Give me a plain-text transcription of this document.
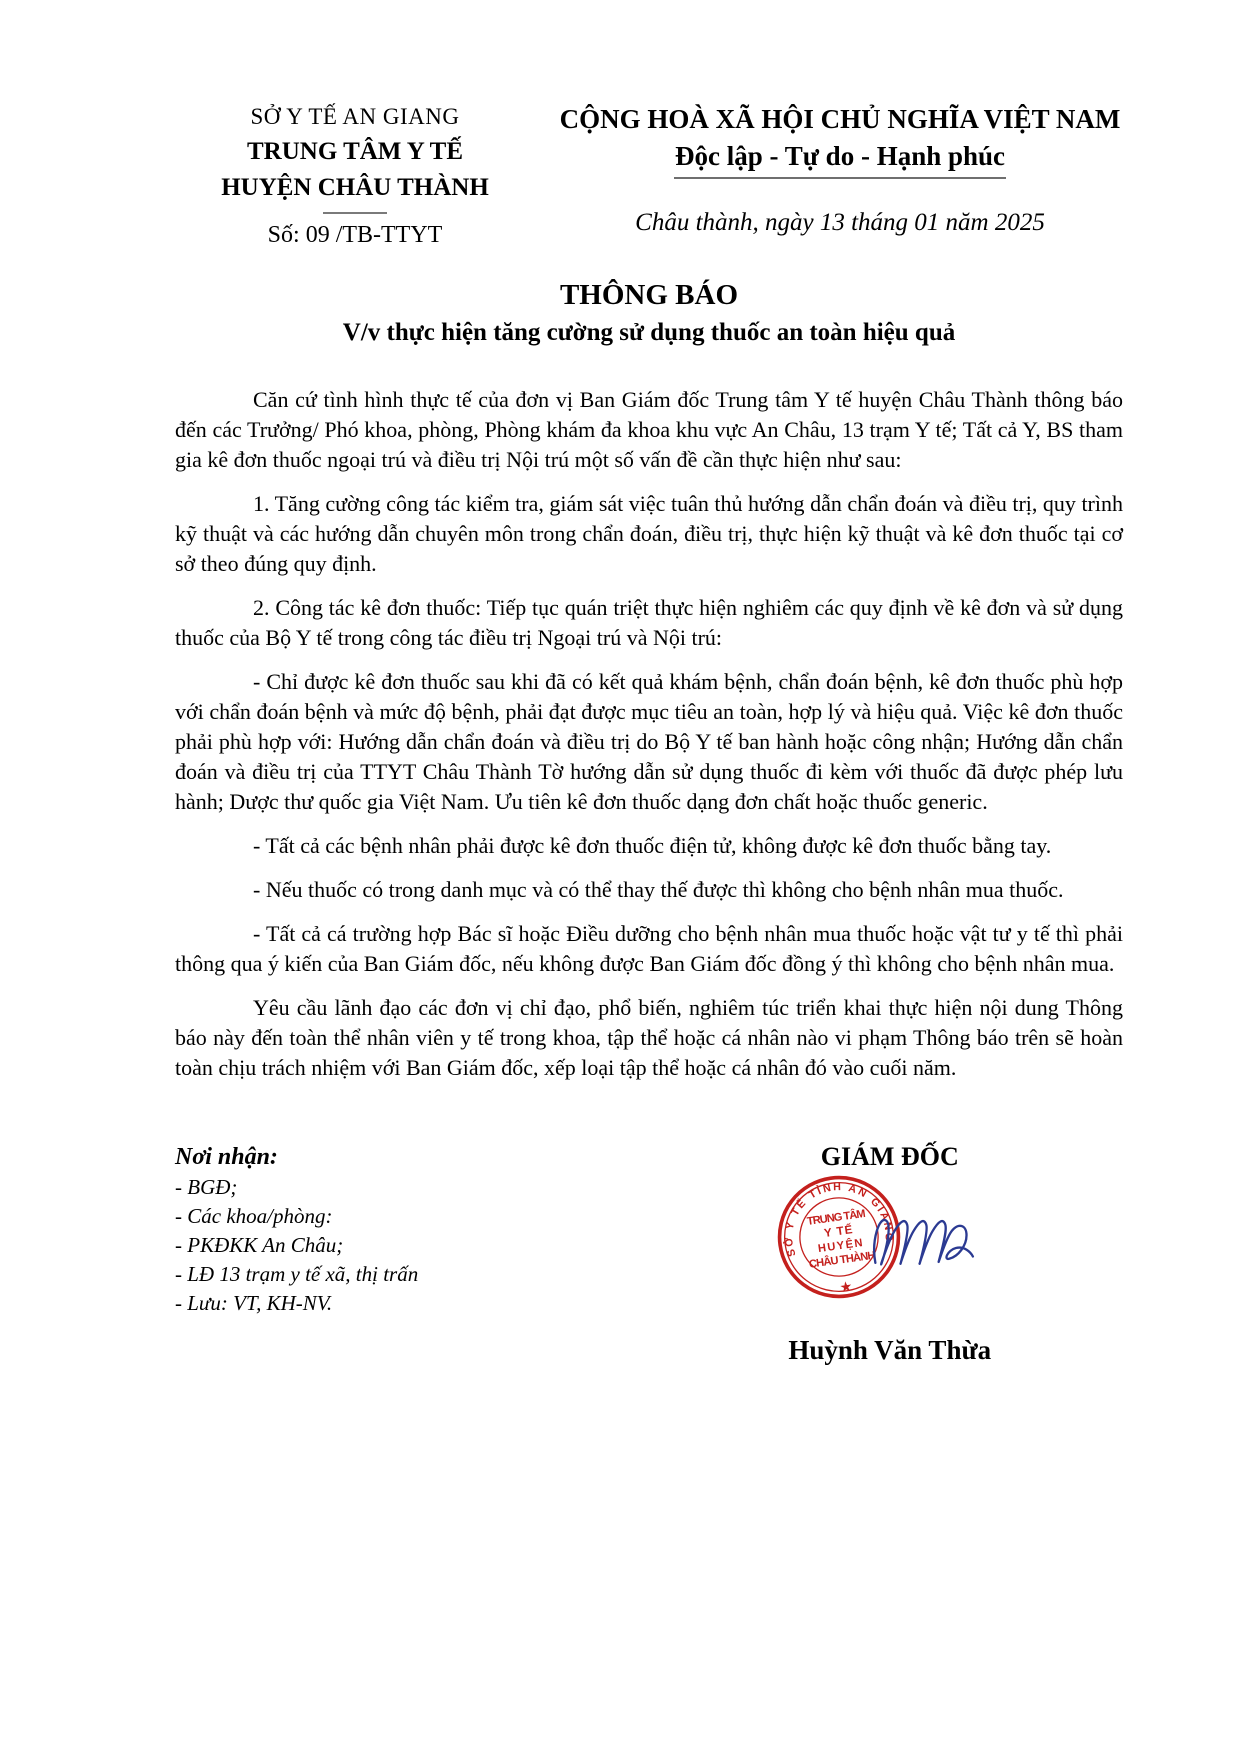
SỞ Y TẾ AN GIANG
TRUNG TÂM Y TẾ
HUYỆN CHÂU THÀNH
Số: 09 /TB-TTYT
CỘNG HOÀ XÃ HỘI CHỦ NGHĨA VIỆT NAM
Độc lập - Tự do - Hạnh phúc
Châu thành, ngày 13 tháng 01 năm 2025
THÔNG BÁO
V/v thực hiện tăng cường sử dụng thuốc an toàn hiệu quả

Căn cứ tình hình thực tế của đơn vị Ban Giám đốc Trung tâm Y tế huyện Châu Thành thông báo đến các Trưởng/ Phó khoa, phòng, Phòng khám đa khoa khu vực An Châu, 13 trạm Y tế; Tất cả Y, BS tham gia kê đơn thuốc ngoại trú và điều trị Nội trú một số vấn đề cần thực hiện như sau:

1. Tăng cường công tác kiểm tra, giám sát việc tuân thủ hướng dẫn chẩn đoán và điều trị, quy trình kỹ thuật và các hướng dẫn chuyên môn trong chẩn đoán, điều trị, thực hiện kỹ thuật và kê đơn thuốc tại cơ sở theo đúng quy định.

2. Công tác kê đơn thuốc: Tiếp tục quán triệt thực hiện nghiêm các quy định về kê đơn và sử dụng thuốc của Bộ Y tế trong công tác điều trị Ngoại trú và Nội trú:

- Chỉ được kê đơn thuốc sau khi đã có kết quả khám bệnh, chẩn đoán bệnh, kê đơn thuốc phù hợp với chẩn đoán bệnh và mức độ bệnh, phải đạt được mục tiêu an toàn, hợp lý và hiệu quả. Việc kê đơn thuốc phải phù hợp với: Hướng dẫn chẩn đoán và điều trị do Bộ Y tế ban hành hoặc công nhận; Hướng dẫn chẩn đoán và điều trị của TTYT Châu Thành Tờ hướng dẫn sử dụng thuốc đi kèm với thuốc đã được phép lưu hành; Dược thư quốc gia Việt Nam. Ưu tiên kê đơn thuốc dạng đơn chất hoặc thuốc generic.

- Tất cả các bệnh nhân phải được kê đơn thuốc điện tử, không được kê đơn thuốc bằng tay.

- Nếu thuốc có trong danh mục và có thể thay thế được thì không cho bệnh nhân mua thuốc.

- Tất cả cá trường hợp Bác sĩ hoặc Điều dưỡng cho bệnh nhân mua thuốc hoặc vật tư y tế thì phải thông qua ý kiến của Ban Giám đốc, nếu không được Ban Giám đốc đồng ý thì không cho bệnh nhân mua.

Yêu cầu lãnh đạo các đơn vị chỉ đạo, phổ biến, nghiêm túc triển khai thực hiện nội dung Thông báo này đến toàn thể nhân viên y tế trong khoa, tập thể hoặc cá nhân nào vi phạm Thông báo trên sẽ hoàn toàn chịu trách nhiệm với Ban Giám đốc, xếp loại tập thể hoặc cá nhân đó vào cuối năm.

Nơi nhận:
- BGĐ;
- Các khoa/phòng:
- PKĐKK An Châu;
- LĐ 13 trạm y tế xã, thị trấn
- Lưu: VT, KH-NV.
GIÁM ĐỐC
SỞ Y TẾ TỈNH AN GIANG
★
TRUNG TÂM
Y TẾ
HUYỆN
CHÂU THÀNH
Huỳnh Văn Thừa
